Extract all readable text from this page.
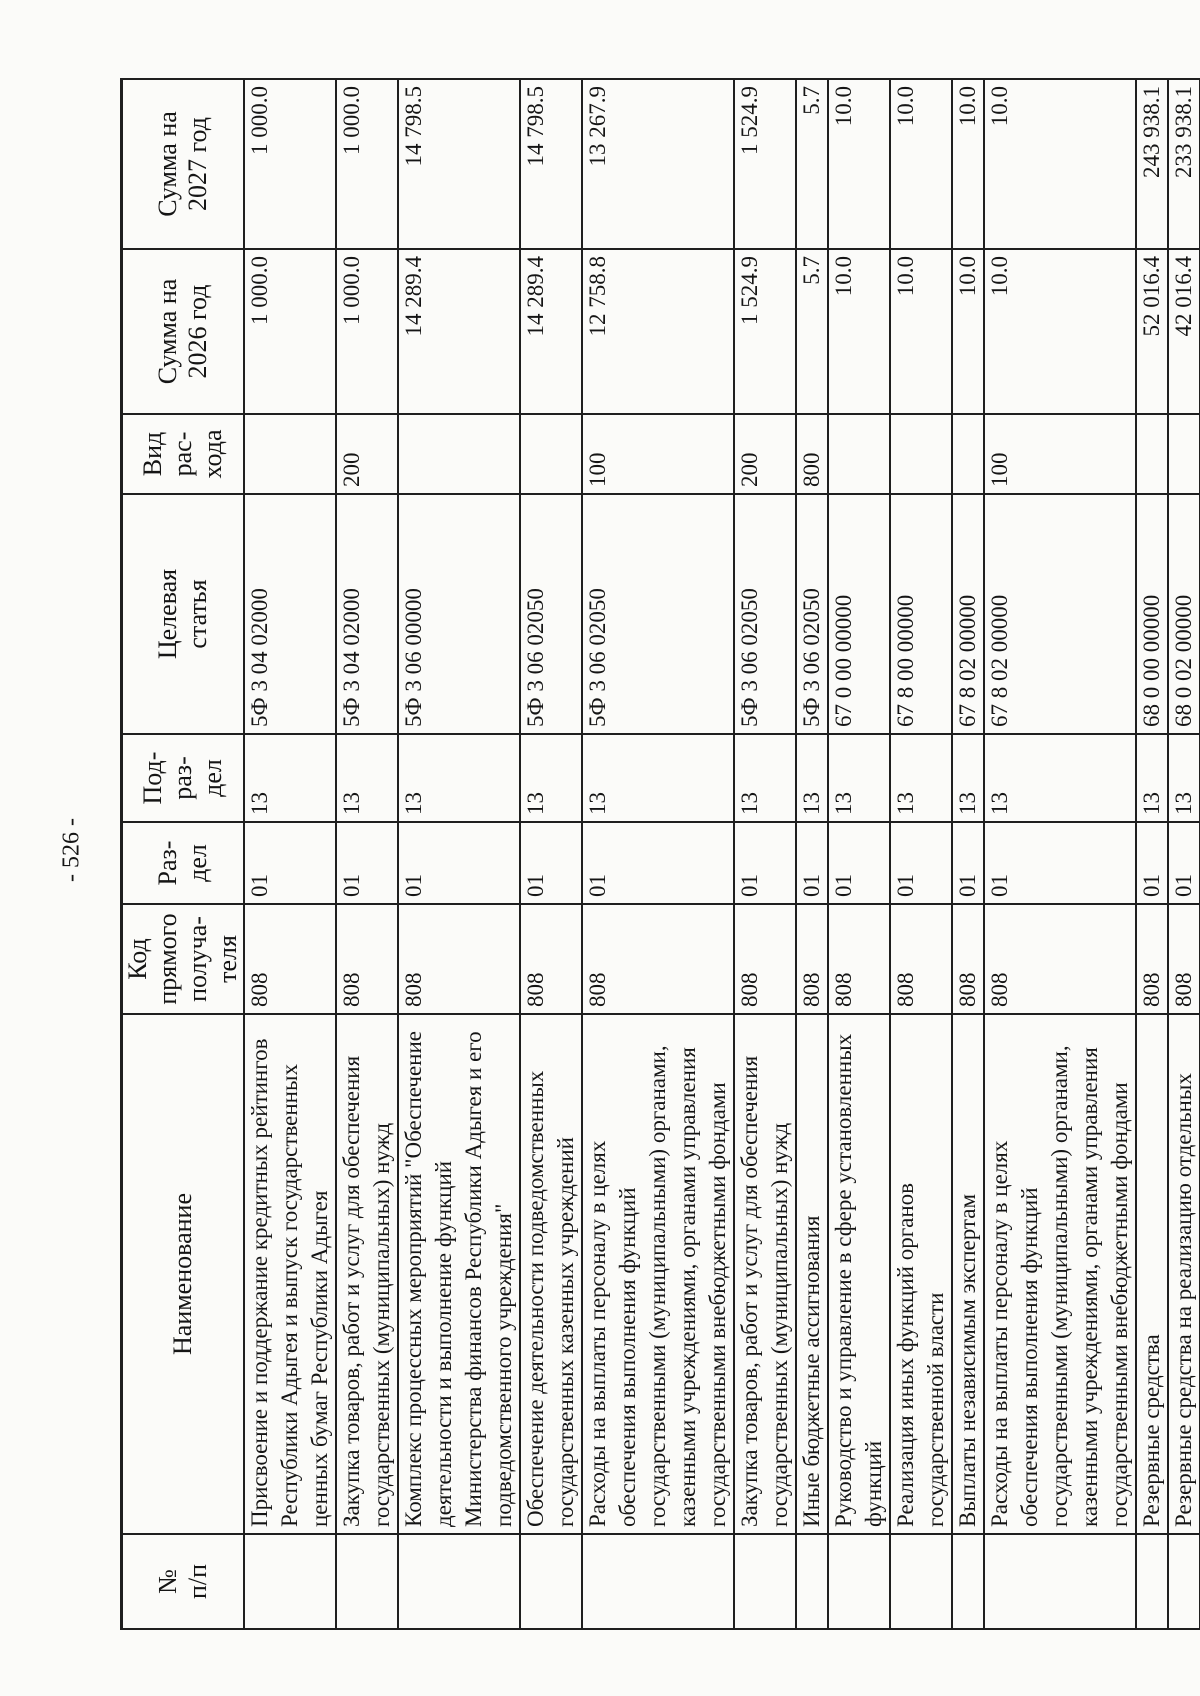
- 526 -
№
п/п	Наименование	Код
прямого
получа-
теля	Раз-
дел	Под-
раз-
дел	Целевая
статья	Вид
рас-
хода	Сумма на
2026 год	Сумма на
2027 год
	Присвоение и поддержание кредитных рейтингов Республики Адыгея и выпуск государственных ценных бумаг Республики Адыгея	808	01	13	5Ф 3 04 02000		1 000.0	1 000.0
	Закупка товаров, работ и услуг для обеспечения государственных (муниципальных) нужд	808	01	13	5Ф 3 04 02000	200	1 000.0	1 000.0
	Комплекс процессных мероприятий "Обеспечение деятельности и выполнение функций Министерства финансов Республики Адыгея и его подведомственного учреждения"	808	01	13	5Ф 3 06 00000		14 289.4	14 798.5
	Обеспечение деятельности подведомственных государственных казенных учреждений	808	01	13	5Ф 3 06 02050		14 289.4	14 798.5
	Расходы на выплаты персоналу в целях обеспечения выполнения функций государственными (муниципальными) органами, казенными учреждениями, органами управления государственными внебюджетными фондами	808	01	13	5Ф 3 06 02050	100	12 758.8	13 267.9
	Закупка товаров, работ и услуг для обеспечения государственных (муниципальных) нужд	808	01	13	5Ф 3 06 02050	200	1 524.9	1 524.9
	Иные бюджетные ассигнования	808	01	13	5Ф 3 06 02050	800	5.7	5.7
	Руководство и управление в сфере установленных функций	808	01	13	67 0 00 00000		10.0	10.0
	Реализация иных функций органов государственной власти	808	01	13	67 8 00 00000		10.0	10.0
	Выплаты независимым экспертам	808	01	13	67 8 02 00000		10.0	10.0
	Расходы на выплаты персоналу в целях обеспечения выполнения функций государственными (муниципальными) органами, казенными учреждениями, органами управления государственными внебюджетными фондами	808	01	13	67 8 02 00000	100	10.0	10.0
	Резервные средства	808	01	13	68 0 00 00000		52 016.4	243 938.1
	Резервные средства на реализацию отдельных	808	01	13	68 0 02 00000		42 016.4	233 938.1
